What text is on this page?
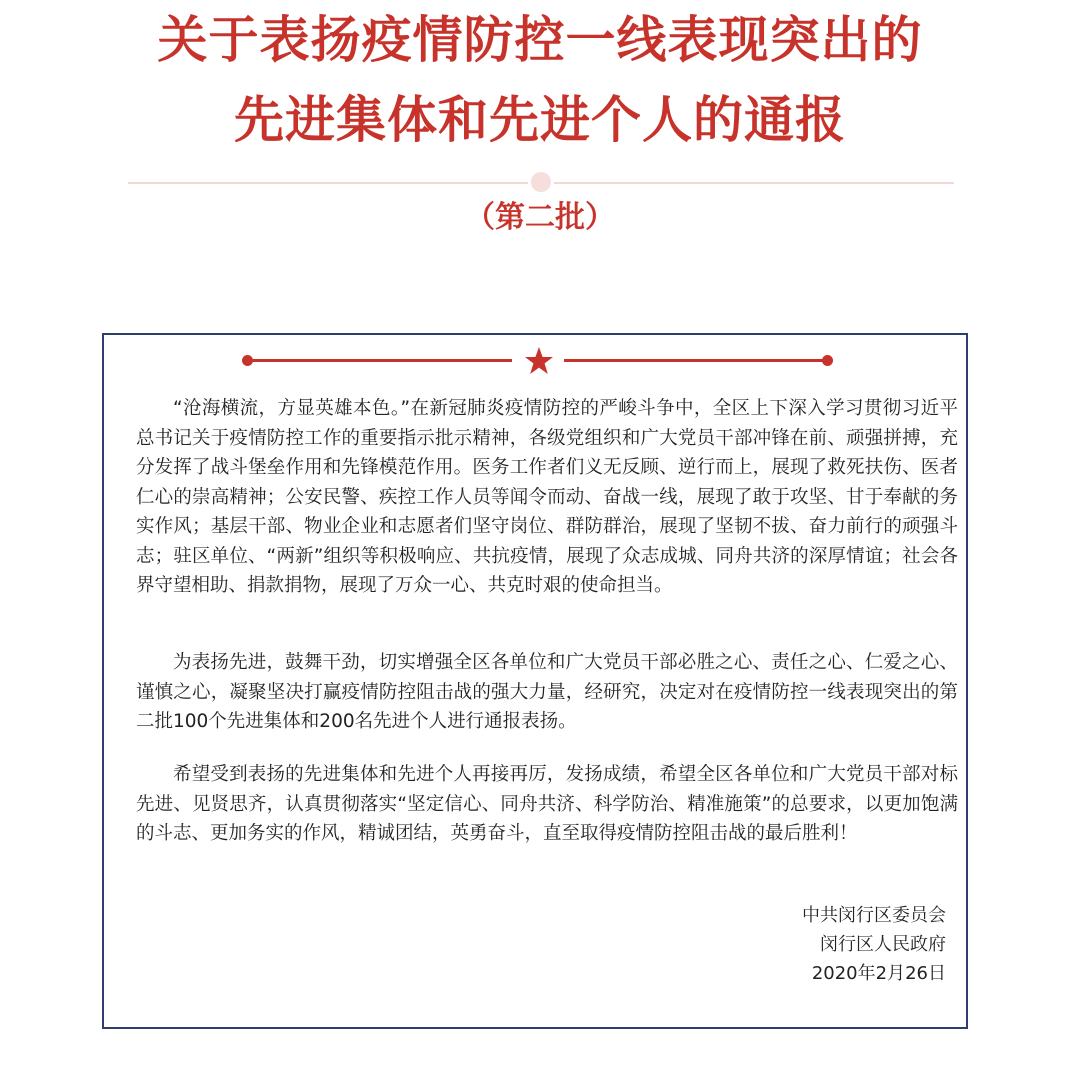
关于表扬疫情防控一线表现突出的
先进集体和先进个人的通报
（第二批）

“沧海横流，方显英雄本色。”在新冠肺炎疫情防控的严峻斗争中，全区上下深入学习贯彻习近平总书记关于疫情防控工作的重要指示批示精神，各级党组织和广大党员干部冲锋在前、顽强拼搏，充分发挥了战斗堡垒作用和先锋模范作用。医务工作者们义无反顾、逆行而上，展现了救死扶伤、医者仁心的崇高精神；公安民警、疾控工作人员等闻令而动、奋战一线，展现了敢于攻坚、甘于奉献的务实作风；基层干部、物业企业和志愿者们坚守岗位、群防群治，展现了坚韧不拔、奋力前行的顽强斗志；驻区单位、“两新”组织等积极响应、共抗疫情，展现了众志成城、同舟共济的深厚情谊；社会各界守望相助、捐款捐物，展现了万众一心、共克时艰的使命担当。

为表扬先进，鼓舞干劲，切实增强全区各单位和广大党员干部必胜之心、责任之心、仁爱之心、谨慎之心，凝聚坚决打赢疫情防控阻击战的强大力量，经研究，决定对在疫情防控一线表现突出的第二批100个先进集体和200名先进个人进行通报表扬。

希望受到表扬的先进集体和先进个人再接再厉，发扬成绩，希望全区各单位和广大党员干部对标先进、见贤思齐，认真贯彻落实“坚定信心、同舟共济、科学防治、精准施策”的总要求，以更加饱满的斗志、更加务实的作风，精诚团结，英勇奋斗，直至取得疫情防控阻击战的最后胜利！

中共闵行区委员会
闵行区人民政府
2020年2月26日
